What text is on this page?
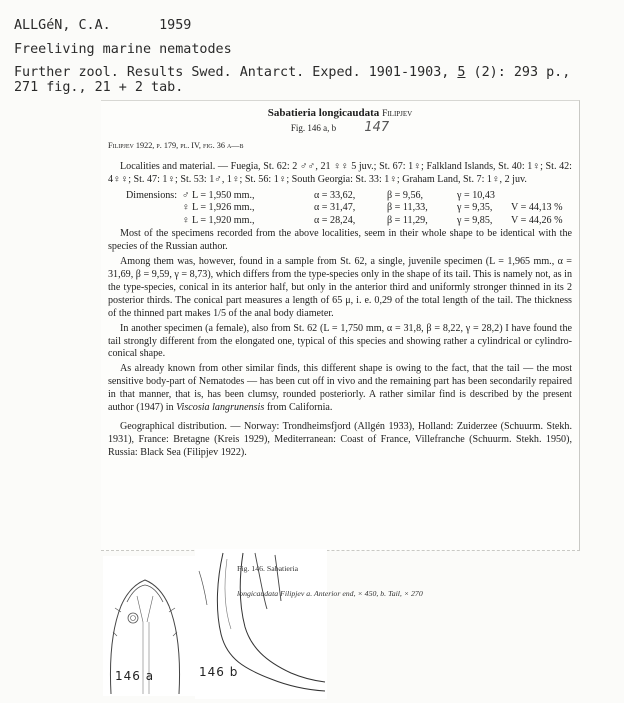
ALLGéN, C.A.	1959
Freeliving marine nematodes
Further zool. Results Swed. Antarct. Exped. 1901-1903, 5 (2): 293 p.,
271 fig., 21 + 2 tab.
Sabatieria longicaudata Filipjev
Fig. 146 a, b 147
Filipjev 1922, p. 179, pl. IV, fig. 36 a—b

Localities and material. — Fuegia, St. 62: 2 ♂♂, 21 ♀♀ 5 juv.; St. 67: 1♀; Falkland Islands, St. 40: 1♀; St. 42: 4♀♀; St. 47: 1♀; St. 53: 1♂, 1♀; St. 56: 1♀; South Georgia: St. 33: 1♀; Graham Land, St. 7: 1♀, 2 juv.

Dimensions: ♂ L = 1,950 mm.,	α = 33,62,	β = 9,56,	γ = 10,43
♀ L = 1,926 mm.,	α = 31,47,	β = 11,33,	γ = 9,35,	V = 44,13 %
♀ L = 1,920 mm.,	α = 28,24,	β = 11,29,	γ = 9,85,	V = 44,26 %

Most of the specimens recorded from the above localities, seem in their whole shape to be identical with the species of the Russian author.

Among them was, however, found in a sample from St. 62, a single, juvenile specimen (L = 1,965 mm., α = 31,69, β = 9,59, γ = 8,73), which differs from the type-species only in the shape of its tail. This is namely not, as in the type-species, conical in its anterior half, but only in the anterior third and uniformly stronger thinned in its 2 posterior thirds. The conical part measures a length of 65 μ, i. e. 0,29 of the total length of the tail. The thickness of the thinned part makes 1/5 of the anal body diameter.

In another specimen (a female), also from St. 62 (L = 1,750 mm, α = 31,8, β = 8,22, γ = 28,2) I have found the tail strongly different from the elongated one, typical of this species and showing rather a cylindrical or cylindro-conical shape.

As already known from other similar finds, this different shape is owing to the fact, that the tail — the most sensitive body-part of Nematodes — has been cut off in vivo and the remaining part has been secondarily repaired in that manner, that is, has been clumsy, rounded posteriorly. A rather similar find is described by the present author (1947) in Viscosia langrunensis from California.

Geographical distribution. — Norway: Trondheimsfjord (Allgén 1933), Holland: Zuiderzee (Schuurm. Stekh. 1931), France: Bretagne (Kreis 1929), Mediterranean: Coast of France, Villefranche (Schuurm. Stekh. 1950), Russia: Black Sea (Filipjev 1922).

146 a	146 b
Fig. 146. Sabatieria
longicaudata Filipjev a. Anterior end, × 450, b. Tail, × 270
